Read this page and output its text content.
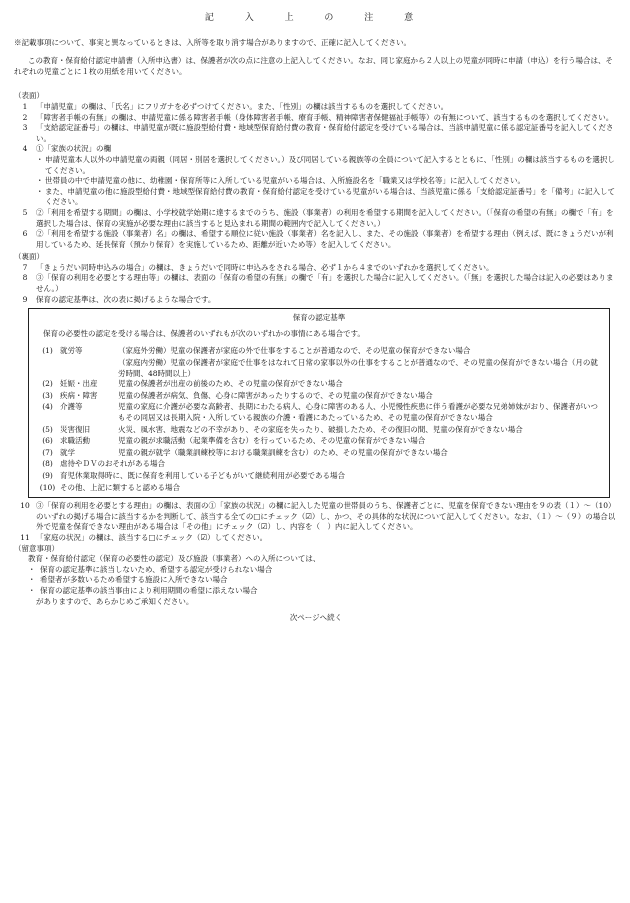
記 入 上 の 注 意

※記載事項について、事実と異なっているときは、入所等を取り消す場合がありますので、正確に記入してください。

この教育・保育給付認定申請書（入所申込書）は、保護者が次の点に注意の上記入してください。なお、同じ家庭から２人以上の児童が同時に申請（申込）を行う場合は、それぞれの児童ごとに１枚の用紙を用いてください。

（表面）

1	「申請児童」の欄は、「氏名」にフリガナを必ずつけてください。また、「性別」の欄は該当するものを選択してください。
2	「障害者手帳の有無」の欄は、申請児童に係る障害者手帳（身体障害者手帳、療育手帳、精神障害者保健福祉手帳等）の有無について、該当するものを選択してください。
3	「支給認定証番号」の欄は、申請児童が既に施設型給付費・地域型保育給付費の教育・保育給付認定を受けている場合は、当該申請児童に係る認定証番号を記入してください。
4	①「家族の状況」の欄
・ 申請児童本人以外の申請児童の両親（同居・別居を選択してください。）及び同居している親族等の全員について記入するとともに、「性別」の欄は該当するものを選択してください。
・ 世帯員の中で申請児童の他に、幼稚園・保育所等に入所している児童がいる場合は、入所施設名を「職業又は学校名等」に記入してください。
・ また、申請児童の他に施設型給付費・地域型保育給付費の教育・保育給付認定を受けている児童がいる場合は、当該児童に係る「支給認定証番号」を「備考」に記入してください。
5	②「利用を希望する期間」の欄は、小学校就学始期に達するまでのうち、施設（事業者）の利用を希望する期間を記入してください。（「保育の希望の有無」の欄で「有」を選択した場合は、保育の実施が必要な理由に該当すると見込まれる期間の範囲内で記入してください。）
6	②「利用を希望する施設（事業者）名」の欄は、希望する順位に従い施設（事業者）名を記入し、また、その施設（事業者）を希望する理由（例えば、既にきょうだいが利用しているため、延長保育（預かり保育）を実施しているため、距離が近いため等）を記入してください。

（裏面）

7	「きょうだい同時申込みの場合」の欄は、きょうだいで同時に申込みをされる場合、必ず１から４までのいずれかを選択してください。
8	③「保育の利用を必要とする理由等」の欄は、表面の「保育の希望の有無」の欄で「有」を選択した場合に記入してください。（「無」を選択した場合は記入の必要はありません。）
9	保育の認定基準は、次の表に掲げるような場合です。

保育の認定基準

保育の必要性の認定を受ける場合は、保護者のいずれもが次のいずれかの事情にある場合です。

(1) 就労等	（家庭外労働）児童の保護者が家庭の外で仕事をすることが普通なので、その児童の保育ができない場合
（家庭内労働）児童の保護者が家庭で仕事をはなれて日常の家事以外の仕事をすることが普通なので、その児童の保育ができない場合（月の就労時間、48時間以上）
(2) 妊娠・出産	児童の保護者が出産の前後のため、その児童の保育ができない場合
(3) 疾病・障害	児童の保護者が病気、負傷、心身に障害があったりするので、その児童の保育ができない場合
(4) 介護等	児童の家庭に介護が必要な高齢者、長期にわたる病人、心身に障害のある人、小児慢性疾患に伴う看護が必要な兄弟姉妹がおり、保護者がいつもその同居又は長期入院・入所している親族の介護・看護にあたっているため、その児童の保育ができない場合
(5) 災害復旧	火災、風水害、地震などの不幸があり、その家庭を失ったり、破損したため、その復旧の間、児童の保育ができない場合
(6) 求職活動	児童の親が求職活動（起業準備を含む）を行っているため、その児童の保育ができない場合
(7) 就学	児童の親が就学（職業訓練校等における職業訓練を含む）のため、その児童の保育ができない場合
(8) 虐待やＤＶのおそれがある場合
(9) 育児休業取得時に、既に保育を利用している子どもがいて継続利用が必要である場合
(10) その他、上記に類すると認める場合
10 ③「保育の利用を必要とする理由」の欄は、表面の①「家族の状況」の欄に記入した児童の世帯員のうち、保護者ごとに、児童を保育できない理由を９の表（１）～（10）のいずれの掲げる場合に該当するかを判断して、該当する全ての□にチェック（☑）し、かつ、その具体的な状況について記入してください。なお、（１）～（９）の場合以外で児童を保育できない理由がある場合は「その他」にチェック（☑）し、内容を（　）内に記入してください。
11 「家庭の状況」の欄は、該当する□にチェック（☑）してください。

（留意事項）

教育・保育給付認定（保育の必要性の認定）及び施設（事業者）への入所については、

・ 保育の認定基準に該当しないため、希望する認定が受けられない場合
・ 希望者が多数いるため希望する施設に入所できない場合
・ 保育の認定基準の該当事由により利用期間の希望に添えない場合

がありますので、あらかじめご承知ください。

次ページへ続く
